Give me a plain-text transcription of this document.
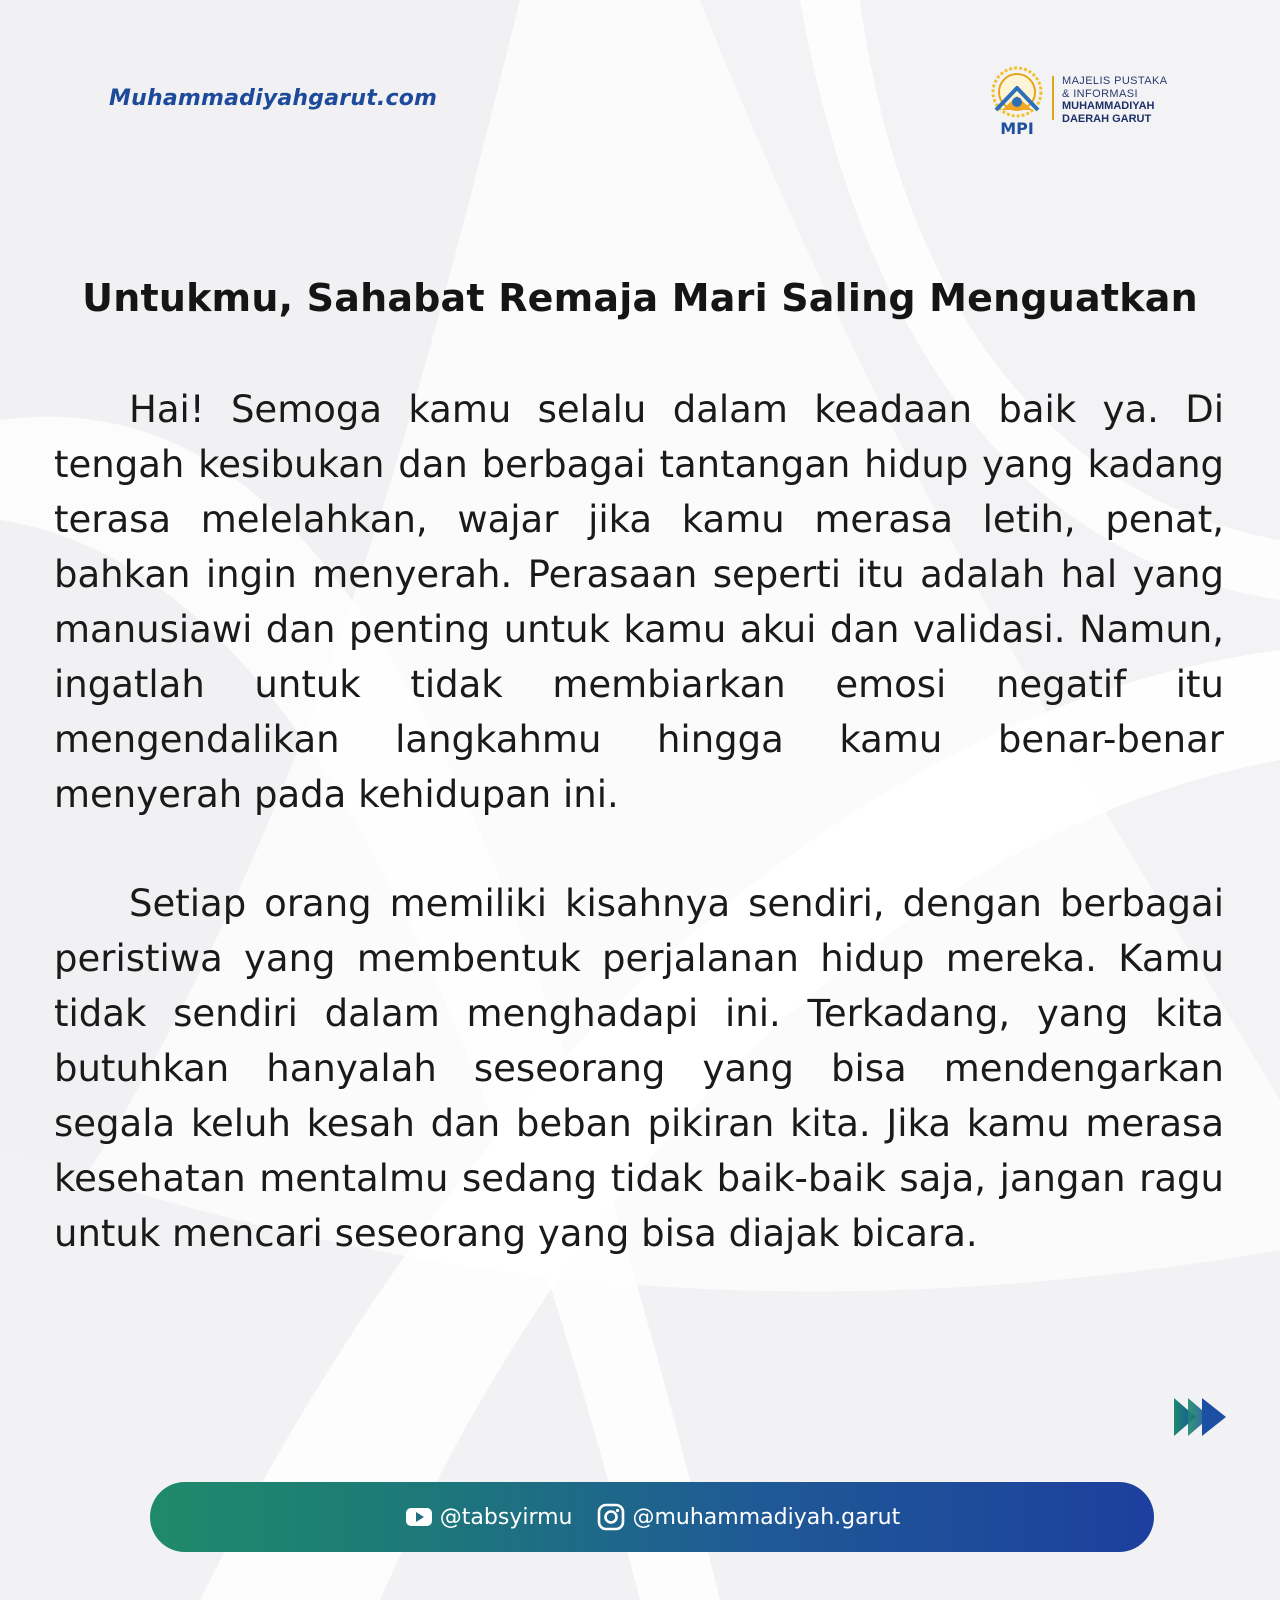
Muhammadiyahgarut.com
MPI
MAJELIS PUSTAKA
& INFORMASI
MUHAMMADIYAH
DAERAH GARUT
Untukmu, Sahabat Remaja Mari Saling Menguatkan

Hai! Semoga kamu selalu dalam keadaan baik ya. Di tengah kesibukan dan berbagai tantangan hidup yang kadang terasa melelahkan, wajar jika kamu merasa letih, penat, bahkan ingin menyerah. Perasaan seperti itu adalah hal yang manusiawi dan penting untuk kamu akui dan validasi. Namun, ingatlah untuk tidak membiarkan emosi negatif itu mengendalikan langkahmu hingga kamu benar-benar menyerah pada kehidupan ini.

Setiap orang memiliki kisahnya sendiri, dengan berbagai peristiwa yang membentuk perjalanan hidup mereka. Kamu tidak sendiri dalam menghadapi ini. Terkadang, yang kita butuhkan hanyalah seseorang yang bisa mendengarkan segala keluh kesah dan beban pikiran kita. Jika kamu merasa kesehatan mentalmu sedang tidak baik-baik saja, jangan ragu untuk mencari seseorang yang bisa diajak bicara.

@tabsyirmu	@muhammadiyah.garut
